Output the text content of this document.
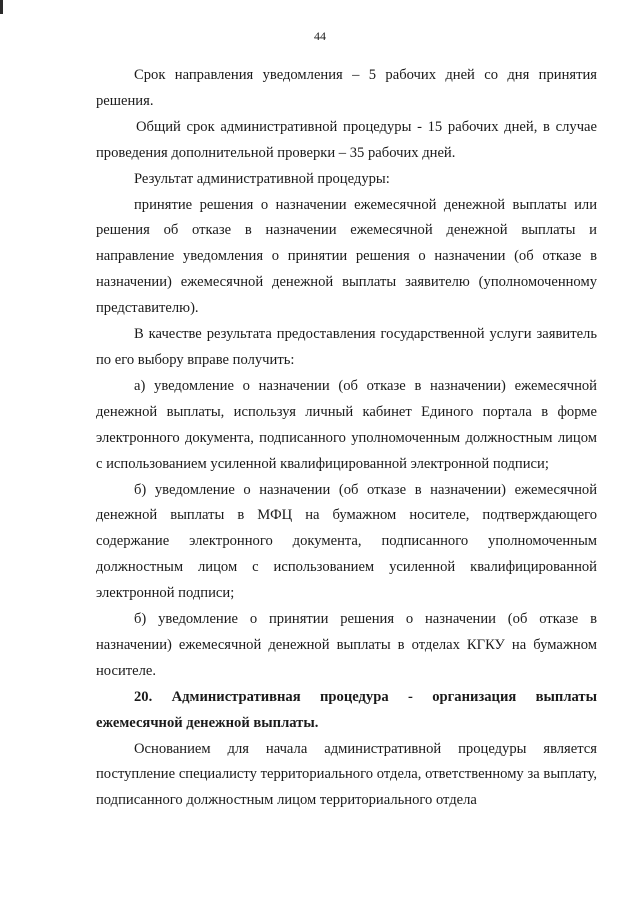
44

Срок направления уведомления – 5 рабочих дней со дня принятия решения.

Общий срок административной процедуры - 15 рабочих дней, в случае проведения дополнительной проверки – 35 рабочих дней.

Результат административной процедуры:

принятие решения о назначении ежемесячной денежной выплаты или решения об отказе в назначении ежемесячной денежной выплаты и направление уведомления о принятии решения о назначении (об отказе в назначении) ежемесячной денежной выплаты заявителю (уполномоченному представителю).

В качестве результата предоставления государственной услуги заявитель по его выбору вправе получить:

а) уведомление о назначении (об отказе в назначении) ежемесячной денежной выплаты, используя личный кабинет Единого портала в форме электронного документа, подписанного уполномоченным должностным лицом с использованием усиленной квалифицированной электронной подписи;

б) уведомление о назначении (об отказе в назначении) ежемесячной денежной выплаты в МФЦ на бумажном носителе, подтверждающего содержание электронного документа, подписанного уполномоченным должностным лицом с использованием усиленной квалифицированной электронной подписи;

б) уведомление о принятии решения о назначении (об отказе в назначении) ежемесячной денежной выплаты в отделах КГКУ на бумажном носителе.

20. Административная процедура - организация выплаты ежемесячной денежной выплаты.

Основанием для начала административной процедуры является поступление специалисту территориального отдела, ответственному за выплату, подписанного должностным лицом территориального отдела
